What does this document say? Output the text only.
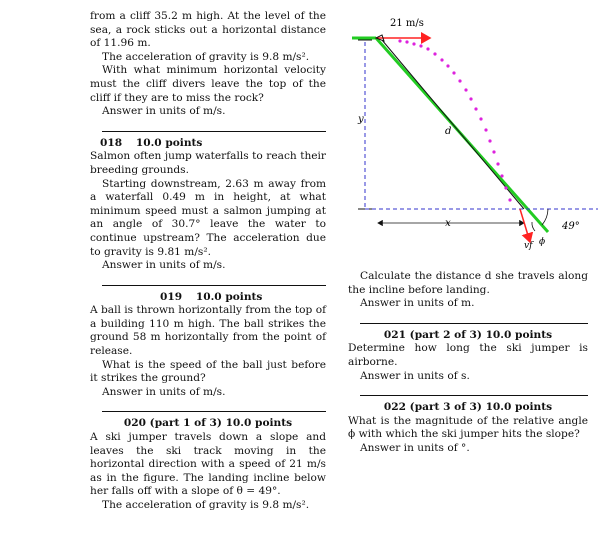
from a cliff 35.2 m high. At the level of the sea, a rock sticks out a horizontal distance of 11.96 m.

The acceleration of gravity is 9.8 m/s².

With what minimum horizontal velocity must the cliff divers leave the top of the cliff if they are to miss the rock?

Answer in units of m/s.

018 10.0 points

Salmon often jump waterfalls to reach their breeding grounds.

Starting downstream, 2.63 m away from a waterfall 0.49 m in height, at what minimum speed must a salmon jumping at an angle of 30.7° leave the water to continue upstream? The acceleration due to gravity is 9.81 m/s².

Answer in units of m/s.

019 10.0 points

A ball is thrown horizontally from the top of a building 110 m high. The ball strikes the ground 58 m horizontally from the point of release.

What is the speed of the ball just before it strikes the ground?

Answer in units of m/s.

020 (part 1 of 3) 10.0 points

A ski jumper travels down a slope and leaves the ski track moving in the horizontal direction with a speed of 21 m/s as in the figure. The landing incline below her falls off with a slope of θ = 49°.

The acceleration of gravity is 9.8 m/s².

21 m/s
y
x
d
49°
ϕ
vf

Calculate the distance d she travels along the incline before landing.

Answer in units of m.

021 (part 2 of 3) 10.0 points

Determine how long the ski jumper is airborne.

Answer in units of s.

022 (part 3 of 3) 10.0 points

What is the magnitude of the relative angle ϕ with which the ski jumper hits the slope?

Answer in units of °.
